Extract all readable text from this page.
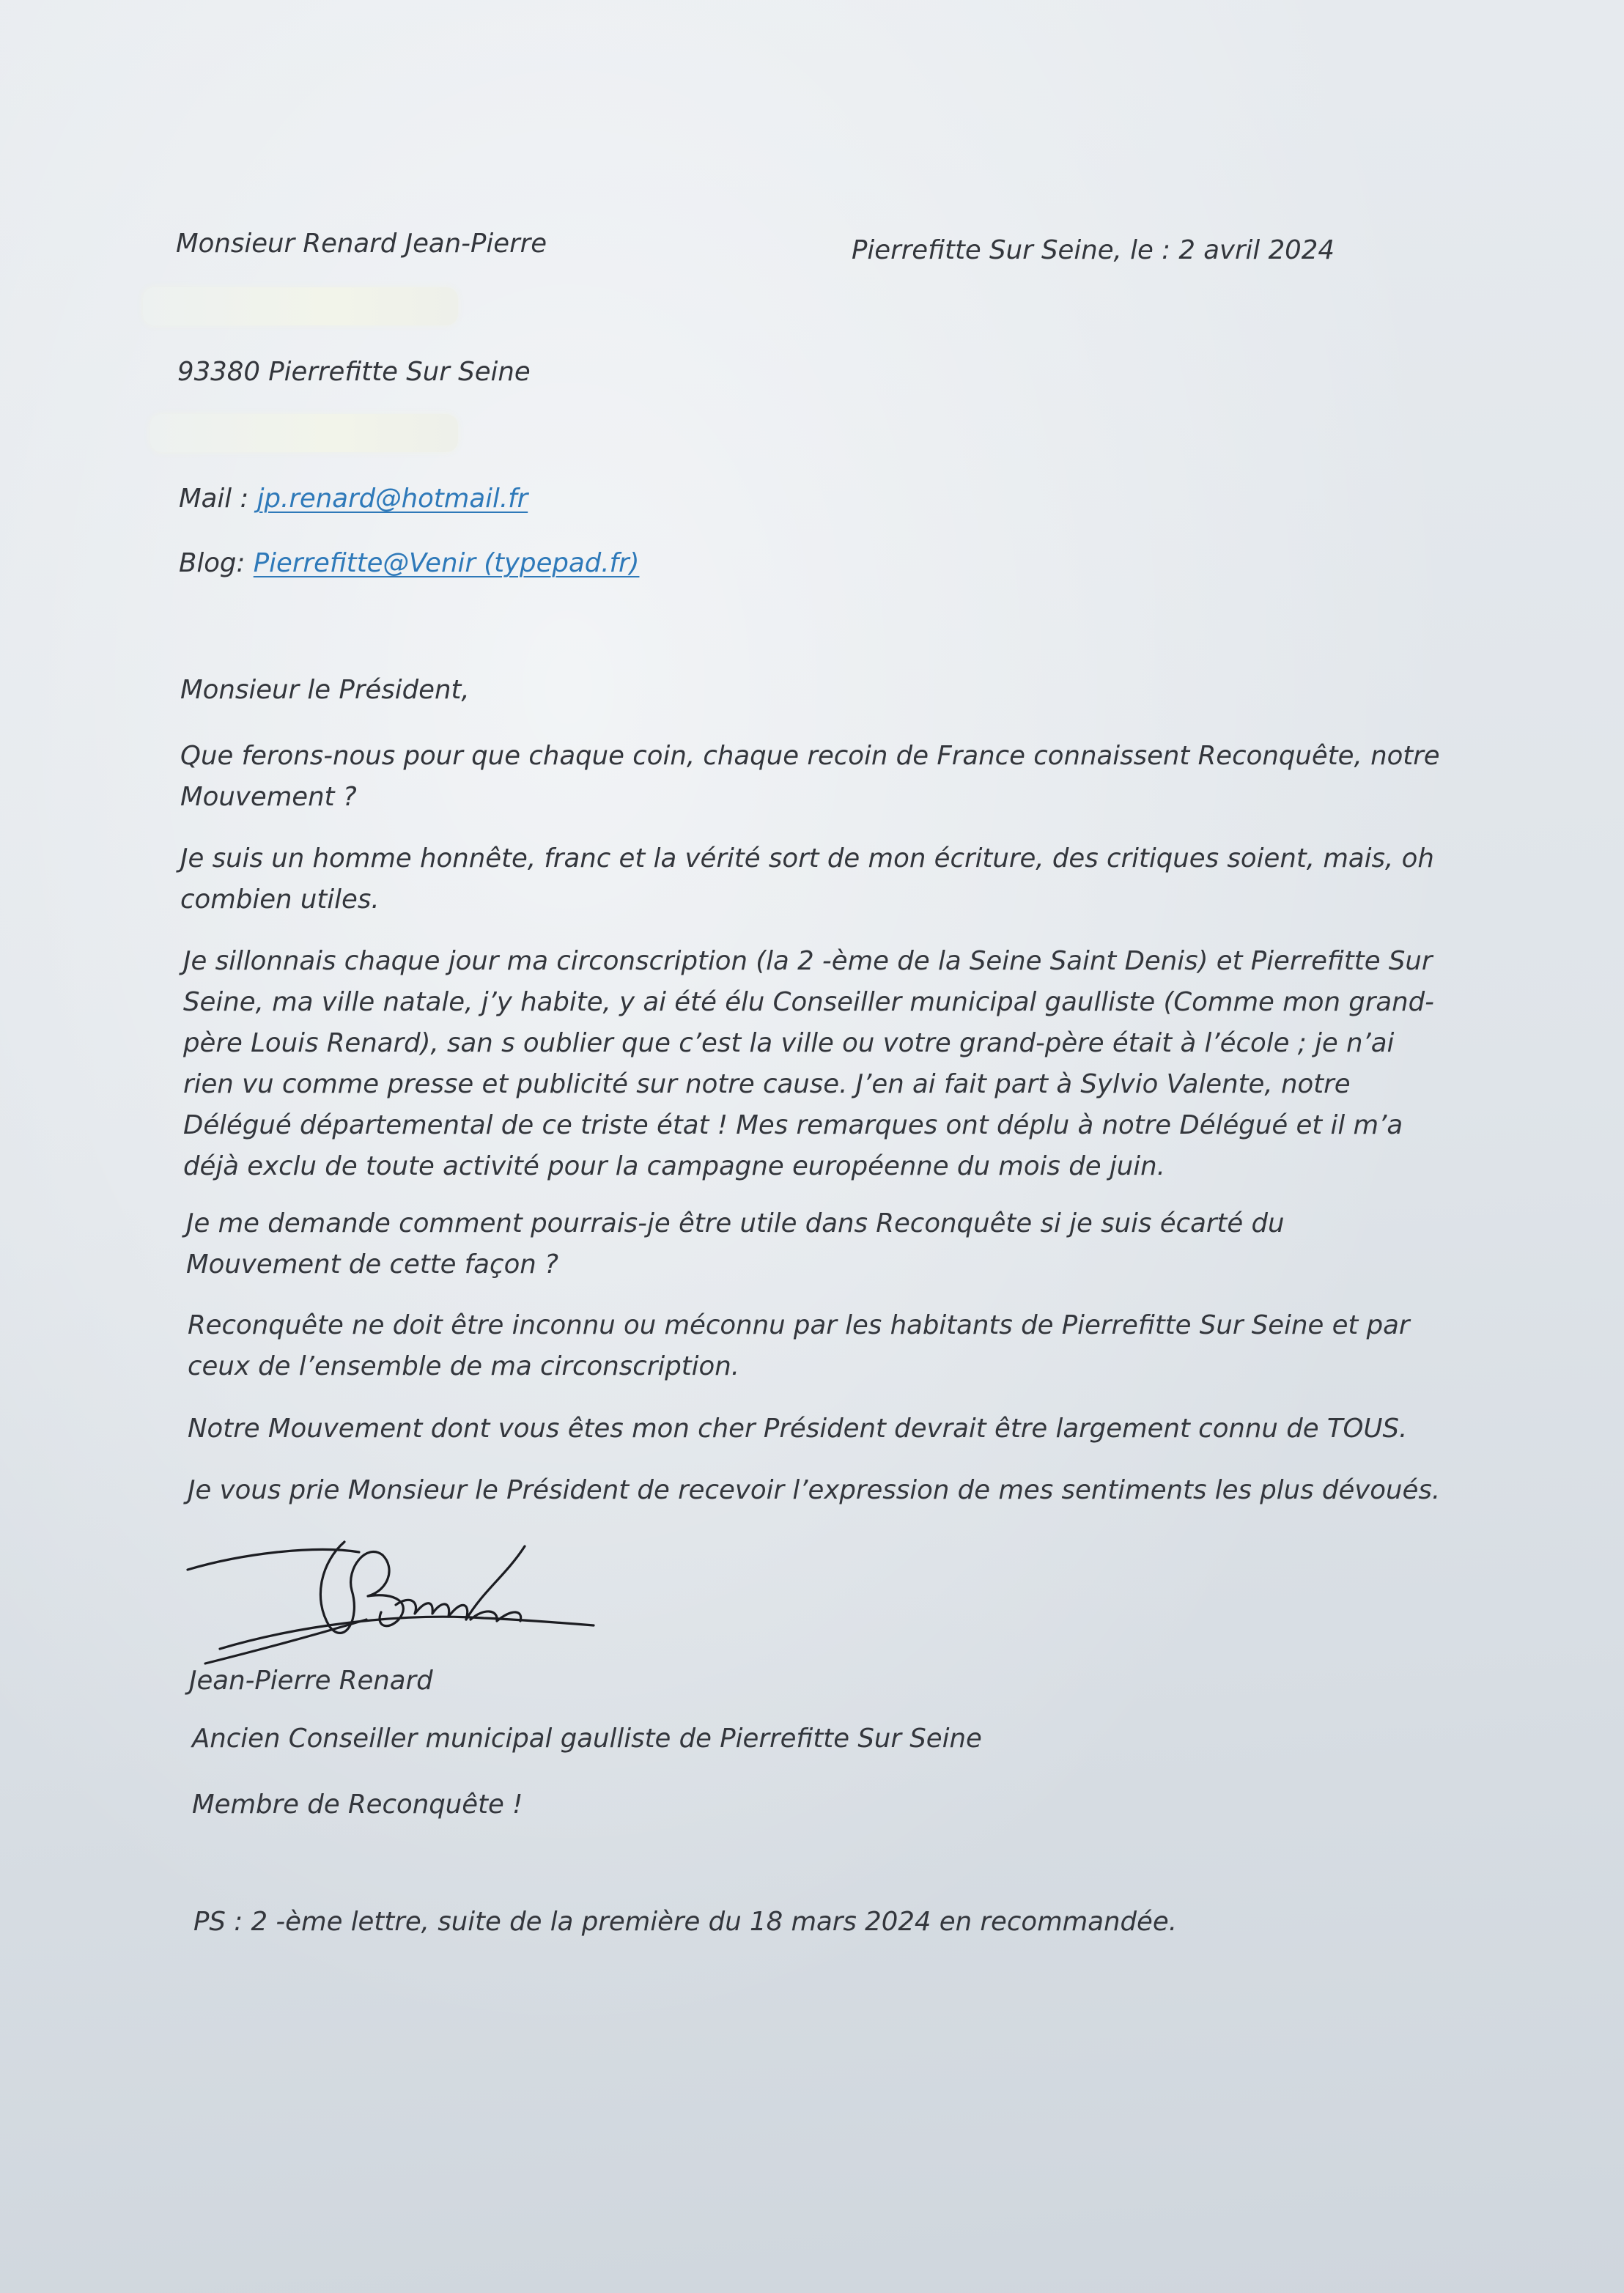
Monsieur Renard Jean-Pierre

93380 Pierrefitte Sur Seine

Mail : jp.renard@hotmail.fr

Blog: Pierrefitte@Venir (typepad.fr)

Pierrefitte Sur Seine, le : 2 avril 2024

Monsieur le Président,

Que ferons-nous pour que chaque coin, chaque recoin de France connaissent Reconquête, notre Mouvement ?

Je suis un homme honnête, franc et la vérité sort de mon écriture, des critiques soient, mais, oh combien utiles.

Je sillonnais chaque jour ma circonscription (la 2 -ème de la Seine Saint Denis) et Pierrefitte Sur Seine, ma ville natale, j’y habite, y ai été élu Conseiller municipal gaulliste (Comme mon grand-père Louis Renard), san s oublier que c’est la ville ou votre grand-père était à l’école ; je n’ai rien vu comme presse et publicité sur notre cause. J’en ai fait part à Sylvio Valente, notre Délégué départemental de ce triste état ! Mes remarques ont déplu à notre Délégué et il m’a déjà exclu de toute activité pour la campagne européenne du mois de juin.

Je me demande comment pourrais-je être utile dans Reconquête si je suis écarté du Mouvement de cette façon ?

Reconquête ne doit être inconnu ou méconnu par les habitants de Pierrefitte Sur Seine et par ceux de l’ensemble de ma circonscription.

Notre Mouvement dont vous êtes mon cher Président devrait être largement connu de TOUS.

Je vous prie Monsieur le Président de recevoir l’expression de mes sentiments les plus dévoués.

Jean-Pierre Renard

Ancien Conseiller municipal gaulliste de Pierrefitte Sur Seine

Membre de Reconquête !

PS : 2 -ème lettre, suite de la première du 18 mars 2024 en recommandée.
